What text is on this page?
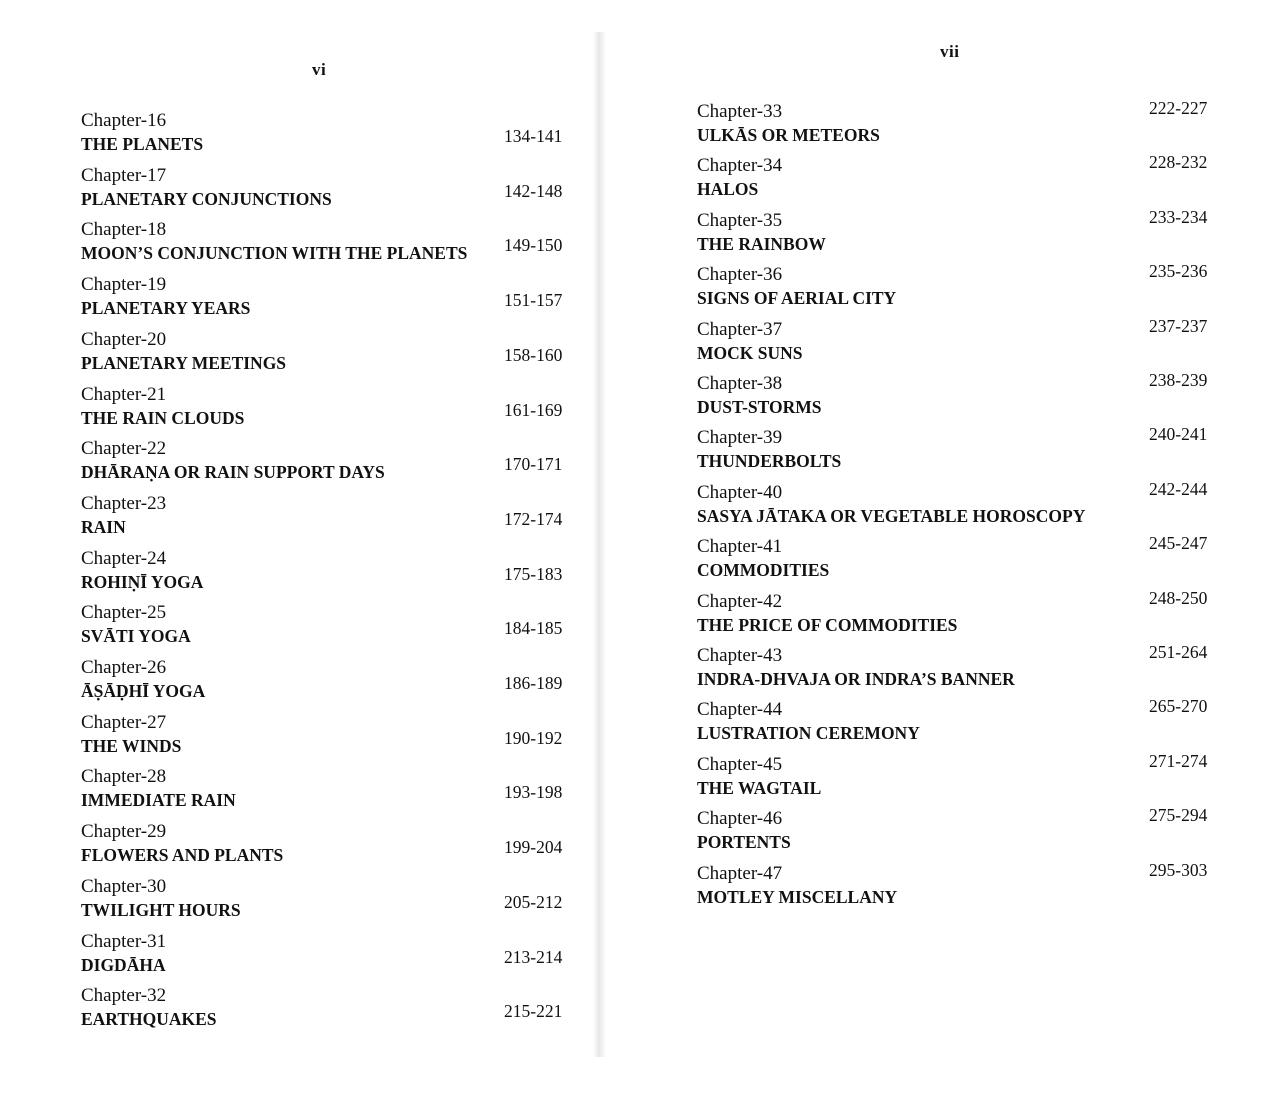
vi
Chapter-16
THE PLANETS	134-141
Chapter-17
PLANETARY CONJUNCTIONS	142-148
Chapter-18
MOON’S CONJUNCTION WITH THE PLANETS 149-150
Chapter-19
PLANETARY YEARS	151-157
Chapter-20
PLANETARY MEETINGS	158-160
Chapter-21
THE RAIN CLOUDS	161-169
Chapter-22
DHĀRAṆA OR RAIN SUPPORT DAYS	170-171
Chapter-23
RAIN	172-174
Chapter-24
ROHIṆĪ YOGA	175-183
Chapter-25
SVĀTI YOGA	184-185
Chapter-26
ĀṢĀḌHĪ YOGA	186-189
Chapter-27
THE WINDS	190-192
Chapter-28
IMMEDIATE RAIN	193-198
Chapter-29
FLOWERS AND PLANTS	199-204
Chapter-30
TWILIGHT HOURS	205-212
Chapter-31
DIGDĀHA	213-214
Chapter-32
EARTHQUAKES	215-221
vii
Chapter-33
ULKĀS OR METEORS
222-227
Chapter-34
HALOS
228-232
Chapter-35
THE RAINBOW
233-234
Chapter-36
SIGNS OF AERIAL CITY
235-236
Chapter-37
MOCK SUNS
237-237
Chapter-38
DUST-STORMS
238-239
Chapter-39
THUNDERBOLTS
240-241
Chapter-40
SASYA JĀTAKA OR VEGETABLE HOROSCOPY
242-244
Chapter-41
COMMODITIES
245-247
Chapter-42
THE PRICE OF COMMODITIES
248-250
Chapter-43
INDRA-DHVAJA OR INDRA’S BANNER
251-264
Chapter-44
LUSTRATION CEREMONY
265-270
Chapter-45
THE WAGTAIL
271-274
Chapter-46
PORTENTS
275-294
Chapter-47
MOTLEY MISCELLANY
295-303
